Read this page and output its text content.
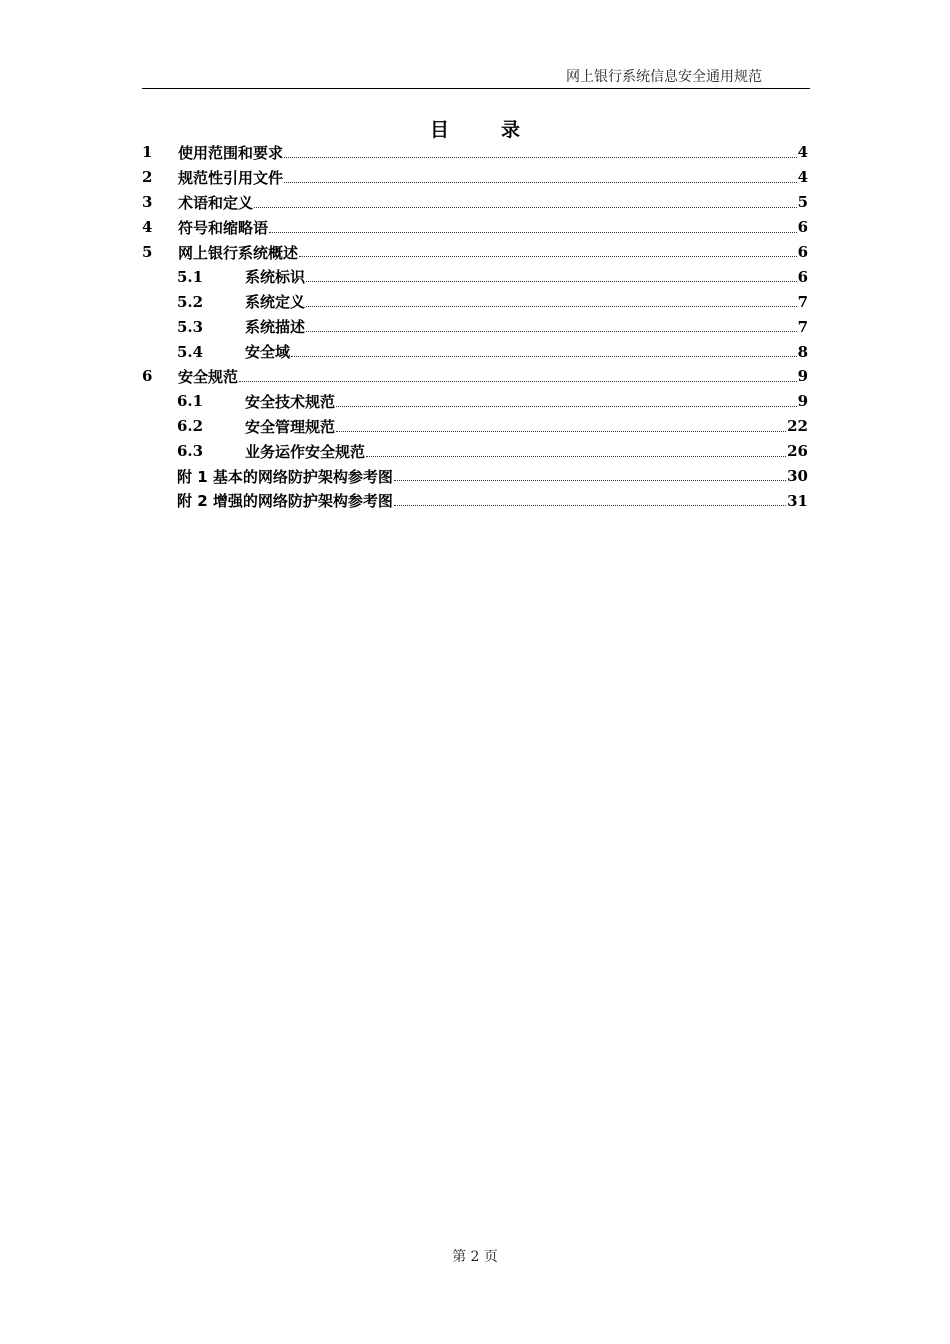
网上银行系统信息安全通用规范
目	录
1	使用范围和要求	4
2	规范性引用文件	4
3	术语和定义	5
4	符号和缩略语	6
5	网上银行系统概述	6
5.1	系统标识	6
5.2	系统定义	7
5.3	系统描述	7
5.4	安全域	8
6	安全规范	9
6.1	安全技术规范	9
6.2	安全管理规范	22
6.3	业务运作安全规范	26
附 1 基本的网络防护架构参考图	30
附 2 增强的网络防护架构参考图	31
第 2 页
